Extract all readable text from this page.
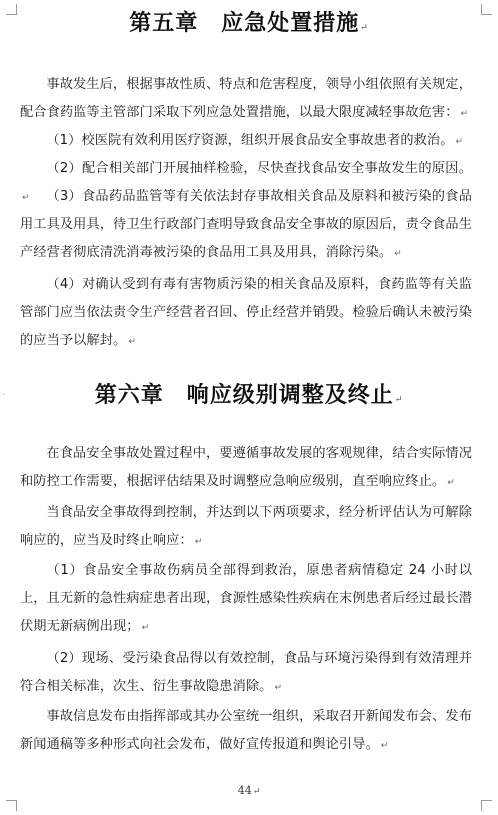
第五章　应急处置措施↵
事故发生后，根据事故性质、特点和危害程度，领导小组依照有关规定，配合食药监等主管部门采取下列应急处置措施，以最大限度减轻事故危害： ↵
（1）校医院有效利用医疗资源，组织开展食品安全事故患者的救治。 ↵
（2）配合相关部门开展抽样检验，尽快查找食品安全事故发生的原因。↵	（3）食品药品监管等有关依法封存事故相关食品及原料和被污染的食品用工具及用具，待卫生行政部门查明导致食品安全事故的原因后，责令食品生产经营者彻底清洗消毒被污染的食品用工具及用具，消除污染。 ↵
（4）对确认受到有毒有害物质污染的相关食品及原料，食药监等有关监管部门应当依法责令生产经营者召回、停止经营并销毁。检验后确认未被污染的应当予以解封。 ↵
·	第六章　响应级别调整及终止↵
在食品安全事故处置过程中，要遵循事故发展的客观规律，结合实际情况和防控工作需要，根据评估结果及时调整应急响应级别，直至响应终止。 ↵
当食品安全事故得到控制，并达到以下两项要求，经分析评估认为可解除响应的，应当及时终止响应： ↵
（1）食品安全事故伤病员全部得到救治，原患者病情稳定 24 小时以上，且无新的急性病症患者出现，食源性感染性疾病在末例患者后经过最长潜伏期无新病例出现； ↵
（2）现场、受污染食品得以有效控制，食品与环境污染得到有效清理并符合相关标准，次生、衍生事故隐患消除。 ↵
事故信息发布由指挥部或其办公室统一组织，采取召开新闻发布会、发布新闻通稿等多种形式向社会发布，做好宣传报道和舆论引导。 ↵
44↵
